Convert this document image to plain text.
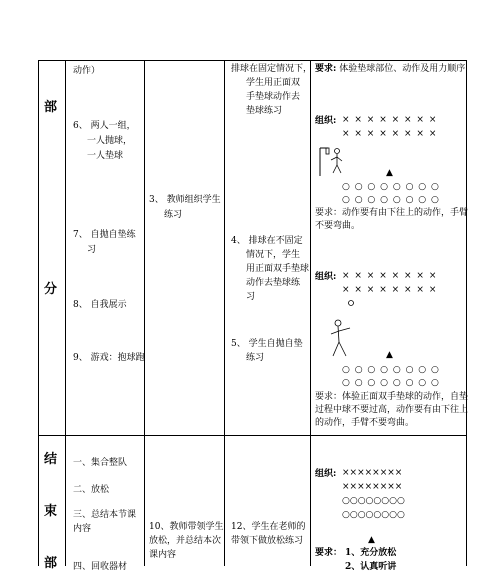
部
分
动作）
6、 两人一组，
一人抛球，
一人垫球
7、 自抛自垫练
习
8、 自我展示
9、 游戏：抱球跑
3、 教师组织学生
练习
排球在固定情况下，
学生用正面双
手垫球动作去
垫球练习
4、 排球在不固定
情况下，学生
用正面双手垫球
动作去垫球练
习
5、 学生自抛自垫
练习
要求: 体验垫球部位、动作及用力顺序
组织: × × × × × × × ×
× × × × × × × ×
▲
○ ○ ○ ○ ○ ○ ○ ○
○ ○ ○ ○ ○ ○ ○ ○
要求：动作要有由下往上的动作，手臂
不要弯曲。
组织: × × × × × × × ×
× × × × × × × ×
▲
○ ○ ○ ○ ○ ○ ○ ○
○ ○ ○ ○ ○ ○ ○ ○
要求：体验正面双手垫球的动作，自垫
过程中球不要过高，动作要有由下往上
的动作，手臂不要弯曲。
结
束
部
一、集合整队
二、放松
三、总结本节课
内容
四、回收器材
10、教师带领学生
放松，并总结本次
课内容
12、学生在老师的
带领下做放松练习
组织: ××××××××
××××××××
○○○○○○○○
○○○○○○○○
▲
要求： 1、充分放松
2、认真听讲
